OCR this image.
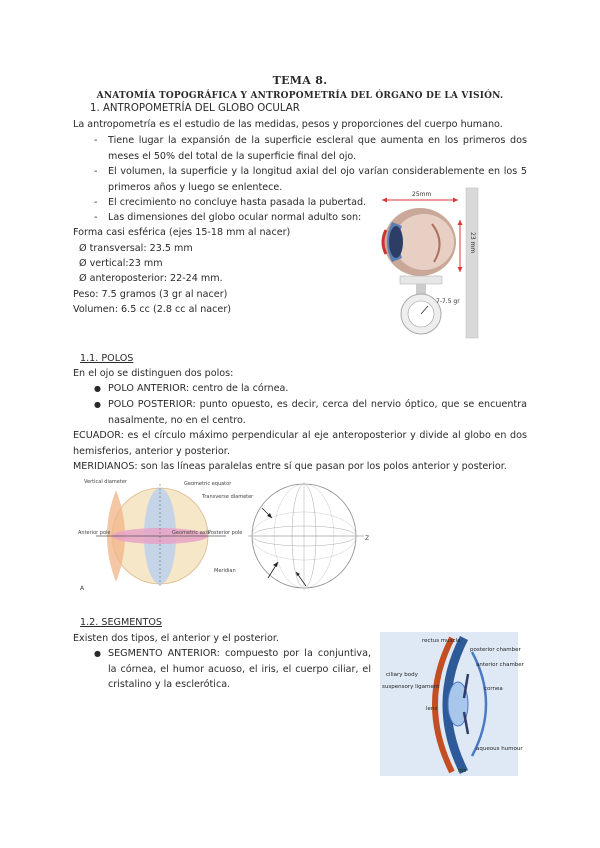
TEMA 8.
ANATOMÍA TOPOGRÁFICA Y ANTROPOMETRÍA DEL ÓRGANO DE LA VISIÓN.
1. ANTROPOMETRÍA DEL GLOBO OCULAR
La antropometría es el estudio de las medidas, pesos y proporciones del cuerpo humano.
- Tiene lugar la expansión de la superficie escleral que aumenta en los primeros dos meses el 50% del total de la superficie final del ojo.
- El volumen, la superficie y la longitud axial del ojo varían considerablemente en los 5 primeros años y luego se enlentece.
- El crecimiento no concluye hasta pasada la pubertad.
- Las dimensiones del globo ocular normal adulto son:
Forma casi esférica (ejes 15-18 mm al nacer)
Ø transversal: 23.5 mm
Ø vertical:23 mm
Ø anteroposterior: 22-24 mm.
Peso: 7.5 gramos (3 gr al nacer)
Volumen: 6.5 cc (2.8 cc al nacer)
25mm
23 mm
7-7.5 gr
1.1. POLOS
En el ojo se distinguen dos polos:
● POLO ANTERIOR: centro de la córnea.
● POLO POSTERIOR: punto opuesto, es decir, cerca del nervio óptico, que se encuentra nasalmente, no en el centro.
ECUADOR: es el círculo máximo perpendicular al eje anteroposterior y divide al globo en dos hemisferios, anterior y posterior.
MERIDIANOS: son las líneas paralelas entre sí que pasan por los polos anterior y posterior.
Vertical diameter	Geometric equator
Transverse diameter
Anterior pole	Geometric axis
Posterior pole
Meridian
A
Z
1.2. SEGMENTOS
Existen dos tipos, el anterior y el posterior.
● SEGMENTO ANTERIOR: compuesto por la conjuntiva, la córnea, el humor acuoso, el iris, el cuerpo ciliar, el cristalino y la esclerótica.
rectus muscle
posterior chamber
anterior chamber
ciliary body
suspensory ligament	cornea
lens
aqueous humour
iris
